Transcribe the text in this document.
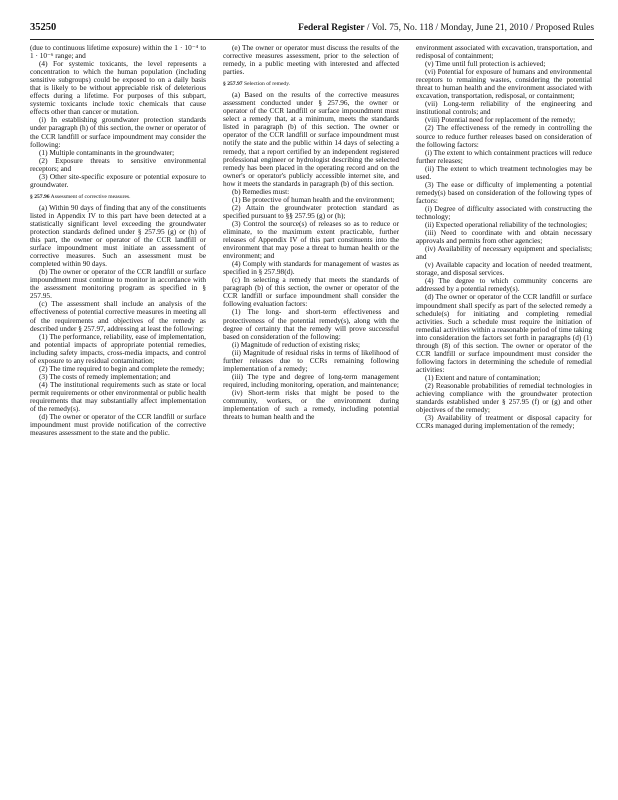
35250	Federal Register / Vol. 75, No. 118 / Monday, June 21, 2010 / Proposed Rules

(due to continuous lifetime exposure) within the 1 · 10⁻⁴ to 1 · 10⁻⁶ range; and

(4) For systemic toxicants, the level represents a concentration to which the human population (including sensitive subgroups) could be exposed to on a daily basis that is likely to be without appreciable risk of deleterious effects during a lifetime. For purposes of this subpart, systemic toxicants include toxic chemicals that cause effects other than cancer or mutation.

(i) In establishing groundwater protection standards under paragraph (h) of this section, the owner or operator of the CCR landfill or surface impoundment may consider the following:

(1) Multiple contaminants in the groundwater;

(2) Exposure threats to sensitive environmental receptors; and

(3) Other site-specific exposure or potential exposure to groundwater.

§ 257.96 Assessment of corrective measures.

(a) Within 90 days of finding that any of the constituents listed in Appendix IV to this part have been detected at a statistically significant level exceeding the groundwater protection standards defined under § 257.95 (g) or (h) of this part, the owner or operator of the CCR landfill or surface impoundment must initiate an assessment of corrective measures. Such an assessment must be completed within 90 days.

(b) The owner or operator of the CCR landfill or surface impoundment must continue to monitor in accordance with the assessment monitoring program as specified in § 257.95.

(c) The assessment shall include an analysis of the effectiveness of potential corrective measures in meeting all of the requirements and objectives of the remedy as described under § 257.97, addressing at least the following:

(1) The performance, reliability, ease of implementation, and potential impacts of appropriate potential remedies, including safety impacts, cross-media impacts, and control of exposure to any residual contamination;

(2) The time required to begin and complete the remedy;

(3) The costs of remedy implementation; and

(4) The institutional requirements such as state or local permit requirements or other environmental or public health requirements that may substantially affect implementation of the remedy(s).

(d) The owner or operator of the CCR landfill or surface impoundment must provide notification of the corrective measures assessment to the state and the public.

(e) The owner or operator must discuss the results of the corrective measures assessment, prior to the selection of remedy, in a public meeting with interested and affected parties.

§ 257.97 Selection of remedy.

(a) Based on the results of the corrective measures assessment conducted under § 257.96, the owner or operator of the CCR landfill or surface impoundment must select a remedy that, at a minimum, meets the standards listed in paragraph (b) of this section. The owner or operator of the CCR landfill or surface impoundment must notify the state and the public within 14 days of selecting a remedy, that a report certified by an independent registered professional engineer or hydrologist describing the selected remedy has been placed in the operating record and on the owner's or operator's publicly accessible internet site, and how it meets the standards in paragraph (b) of this section.

(b) Remedies must:

(1) Be protective of human health and the environment;

(2) Attain the groundwater protection standard as specified pursuant to §§ 257.95 (g) or (h);

(3) Control the source(s) of releases so as to reduce or eliminate, to the maximum extent practicable, further releases of Appendix IV of this part constituents into the environment that may pose a threat to human health or the environment; and

(4) Comply with standards for management of wastes as specified in § 257.98(d).

(c) In selecting a remedy that meets the standards of paragraph (b) of this section, the owner or operator of the CCR landfill or surface impoundment shall consider the following evaluation factors:

(1) The long- and short-term effectiveness and protectiveness of the potential remedy(s), along with the degree of certainty that the remedy will prove successful based on consideration of the following:

(i) Magnitude of reduction of existing risks;

(ii) Magnitude of residual risks in terms of likelihood of further releases due to CCRs remaining following implementation of a remedy;

(iii) The type and degree of long-term management required, including monitoring, operation, and maintenance;

(iv) Short-term risks that might be posed to the community, workers, or the environment during implementation of such a remedy, including potential threats to human health and the

environment associated with excavation, transportation, and redisposal of containment;

(v) Time until full protection is achieved;

(vi) Potential for exposure of humans and environmental receptors to remaining wastes, considering the potential threat to human health and the environment associated with excavation, transportation, redisposal, or containment;

(vii) Long-term reliability of the engineering and institutional controls; and

(viii) Potential need for replacement of the remedy;

(2) The effectiveness of the remedy in controlling the source to reduce further releases based on consideration of the following factors:

(i) The extent to which containment practices will reduce further releases;

(ii) The extent to which treatment technologies may be used.

(3) The ease or difficulty of implementing a potential remedy(s) based on consideration of the following types of factors:

(i) Degree of difficulty associated with constructing the technology;

(ii) Expected operational reliability of the technologies;

(iii) Need to coordinate with and obtain necessary approvals and permits from other agencies;

(iv) Availability of necessary equipment and specialists; and

(v) Available capacity and location of needed treatment, storage, and disposal services.

(4) The degree to which community concerns are addressed by a potential remedy(s).

(d) The owner or operator of the CCR landfill or surface impoundment shall specify as part of the selected remedy a schedule(s) for initiating and completing remedial activities. Such a schedule must require the initiation of remedial activities within a reasonable period of time taking into consideration the factors set forth in paragraphs (d) (1) through (8) of this section. The owner or operator of the CCR landfill or surface impoundment must consider the following factors in determining the schedule of remedial activities:

(1) Extent and nature of contamination;

(2) Reasonable probabilities of remedial technologies in achieving compliance with the groundwater protection standards established under § 257.95 (f) or (g) and other objectives of the remedy;

(3) Availability of treatment or disposal capacity for CCRs managed during implementation of the remedy;
